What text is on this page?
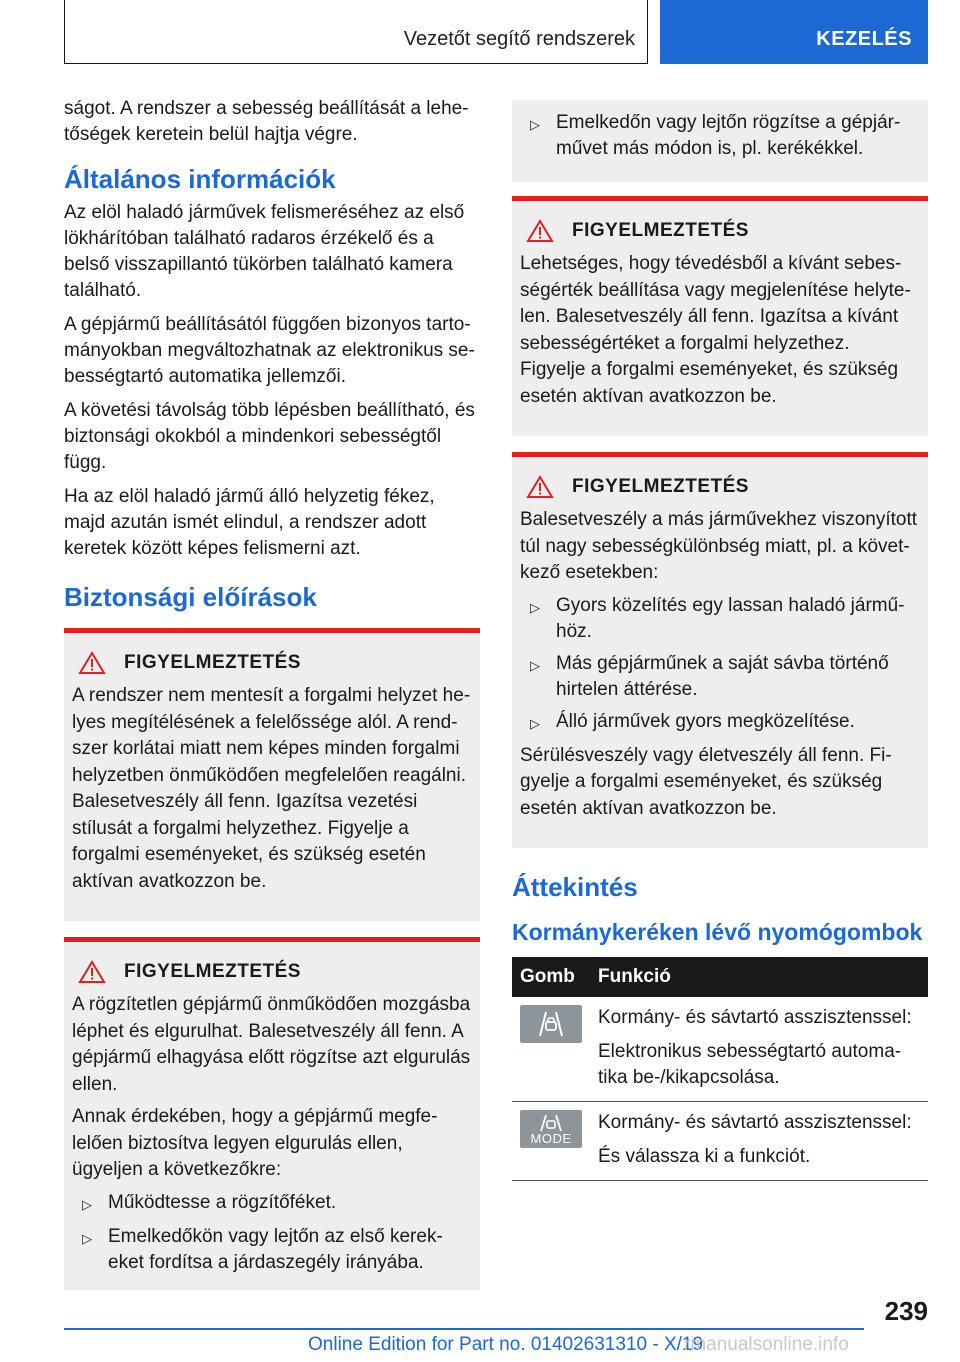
Vezetőt segítő rendszerek	KEZELÉS

ságot. A rendszer a sebesség beállítását a lehetőségek keretein belül hajtja végre.

Általános információk

Az elöl haladó járművek felismeréséhez az első lökhárítóban található radaros érzékelő és a belső visszapillantó tükörben található kamera található.

A gépjármű beállításától függően bizonyos tartományokban megváltozhatnak az elektronikus sebességtartó automatika jellemzői.

A követési távolság több lépésben beállítható, és biztonsági okokból a mindenkori sebességtől függ.

Ha az elöl haladó jármű álló helyzetig fékez, majd azután ismét elindul, a rendszer adott keretek között képes felismerni azt.

Biztonsági előírások
FIGYELMEZTETÉS

A rendszer nem mentesít a forgalmi helyzet helyes megítélésének a felelőssége alól. A rendszer korlátai miatt nem képes minden forgalmi helyzetben önműködően megfelelően reagálni. Balesetveszély áll fenn. Igazítsa vezetési stílusát a forgalmi helyzethez. Figyelje a forgalmi eseményeket, és szükség esetén aktívan avatkozzon be.

FIGYELMEZTETÉS

A rögzítetlen gépjármű önműködően mozgásba léphet és elgurulhat. Balesetveszély áll fenn. A gépjármű elhagyása előtt rögzítse azt elgurulás ellen.

Annak érdekében, hogy a gépjármű megfelelően biztosítva legyen elgurulás ellen, ügyeljen a következőkre:

▷ Működtesse a rögzítőféket.
▷ Emelkedőkön vagy lejtőn az első kerekeket fordítsa a járdaszegély irányába.
▷ Emelkedőn vagy lejtőn rögzítse a gépjárművet más módon is, pl. kerékékkel.
FIGYELMEZTETÉS

Lehetséges, hogy tévedésből a kívánt sebességérték beállítása vagy megjelenítése helytelen. Balesetveszély áll fenn. Igazítsa a kívánt sebességértéket a forgalmi helyzethez. Figyelje a forgalmi eseményeket, és szükség esetén aktívan avatkozzon be.

FIGYELMEZTETÉS

Balesetveszély a más járművekhez viszonyított túl nagy sebességkülönbség miatt, pl. a következő esetekben:

▷ Gyors közelítés egy lassan haladó járműhöz.
▷ Más gépjárműnek a saját sávba történő hirtelen áttérése.
▷ Álló járművek gyors megközelítése.

Sérülésveszély vagy életveszély áll fenn. Figyelje a forgalmi eseményeket, és szükség esetén aktívan avatkozzon be.

Áttekintés
Kormánykeréken lévő nyomógombok
Gomb	Funkció

Kormány- és sávtartó asszisztenssel:
Elektronikus sebességtartó automatika be-/kikapcsolása.

MODE	Kormány- és sávtartó asszisztenssel:
És válassza ki a funkciót.
239
Online Edition for Part no. 01402631310 - X/19
rmanualsonline.info
